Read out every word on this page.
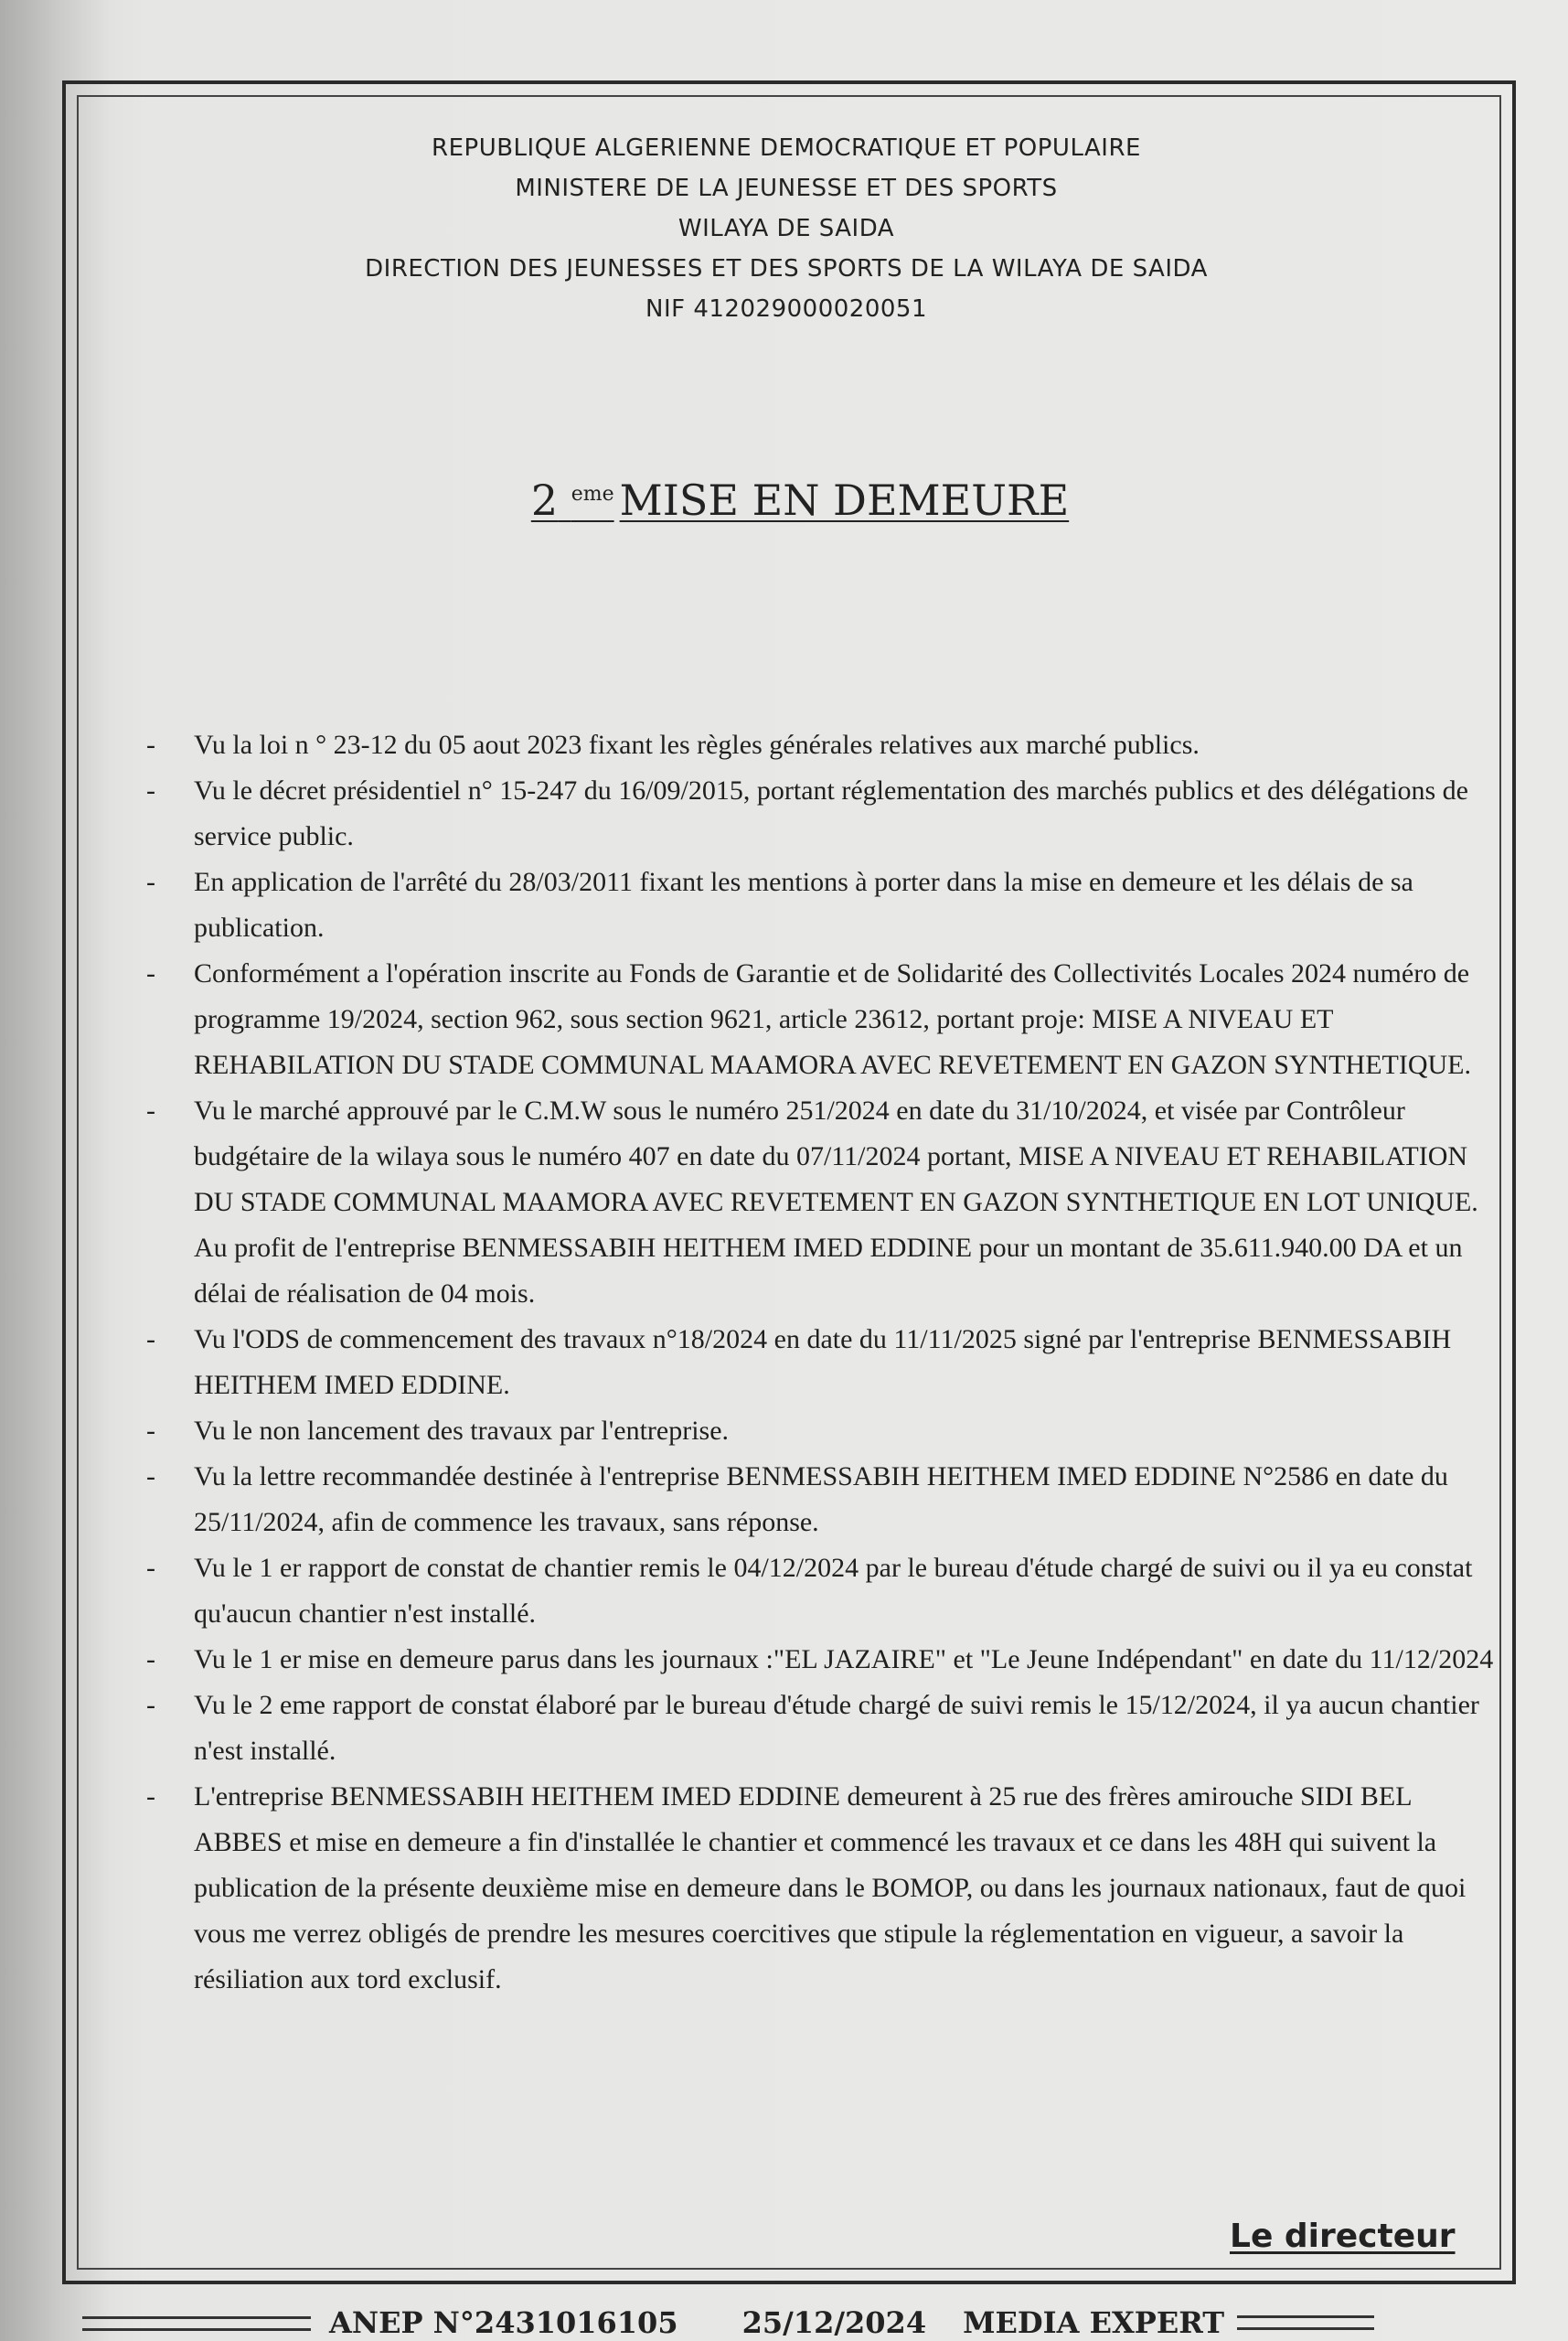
REPUBLIQUE ALGERIENNE DEMOCRATIQUE ET POPULAIRE
MINISTERE DE LA JEUNESSE ET DES SPORTS
WILAYA DE SAIDA
DIRECTION DES JEUNESSES ET DES SPORTS DE LA WILAYA DE SAIDA
NIF 412029000020051
2 $^{eme}$ MISE EN DEMEURE
- Vu la loi n ° 23-12 du 05 aout 2023 fixant les règles générales relatives aux marché publics.
- Vu le décret présidentiel n° 15-247 du 16/09/2015, portant réglementation des marchés publics et des délégations de service public.
- En application de l'arrêté du 28/03/2011 fixant les mentions à porter dans la mise en demeure et les délais de sa publication.
- Conformément a l'opération inscrite au Fonds de Garantie et de Solidarité des Collectivités Locales 2024 numéro de programme 19/2024, section 962, sous section 9621, article 23612, portant proje: MISE A NIVEAU ET REHABILATION DU STADE COMMUNAL MAAMORA AVEC REVETEMENT EN GAZON SYNTHETIQUE.
- Vu le marché approuvé par le C.M.W sous le numéro 251/2024 en date du 31/10/2024, et visée par Contrôleur budgétaire de la wilaya sous le numéro 407 en date du 07/11/2024 portant, MISE A NIVEAU ET REHABILATION DU STADE COMMUNAL MAAMORA AVEC REVETEMENT EN GAZON SYNTHETIQUE EN LOT UNIQUE. Au profit de l'entreprise BENMESSABIH HEITHEM IMED EDDINE pour un montant de 35.611.940.00 DA et un délai de réalisation de 04 mois.
- Vu l'ODS de commencement des travaux n°18/2024 en date du 11/11/2025 signé par l'entreprise BENMESSABIH HEITHEM IMED EDDINE.
- Vu le non lancement des travaux par l'entreprise.
- Vu la lettre recommandée destinée à l'entreprise BENMESSABIH HEITHEM IMED EDDINE N°2586 en date du 25/11/2024, afin de commence les travaux, sans réponse.
- Vu le 1 er rapport de constat de chantier remis le 04/12/2024 par le bureau d'étude chargé de suivi ou il ya eu constat qu'aucun chantier n'est installé.
- Vu le 1 er mise en demeure parus dans les journaux :"EL JAZAIRE" et "Le Jeune Indépendant" en date du 11/12/2024
- Vu le 2 eme rapport de constat élaboré par le bureau d'étude chargé de suivi remis le 15/12/2024, il ya aucun chantier n'est installé.
- L'entreprise BENMESSABIH HEITHEM IMED EDDINE demeurent à 25 rue des frères amirouche SIDI BEL ABBES et mise en demeure a fin d'installée le chantier et commencé les travaux et ce dans les 48H qui suivent la publication de la présente deuxième mise en demeure dans le BOMOP, ou dans les journaux nationaux, faut de quoi vous me verrez obligés de prendre les mesures coercitives que stipule la réglementation en vigueur, a savoir la résiliation aux tord exclusif.
Le directeur
ANEP N°2431016105 25/12/2024 MEDIA EXPERT
